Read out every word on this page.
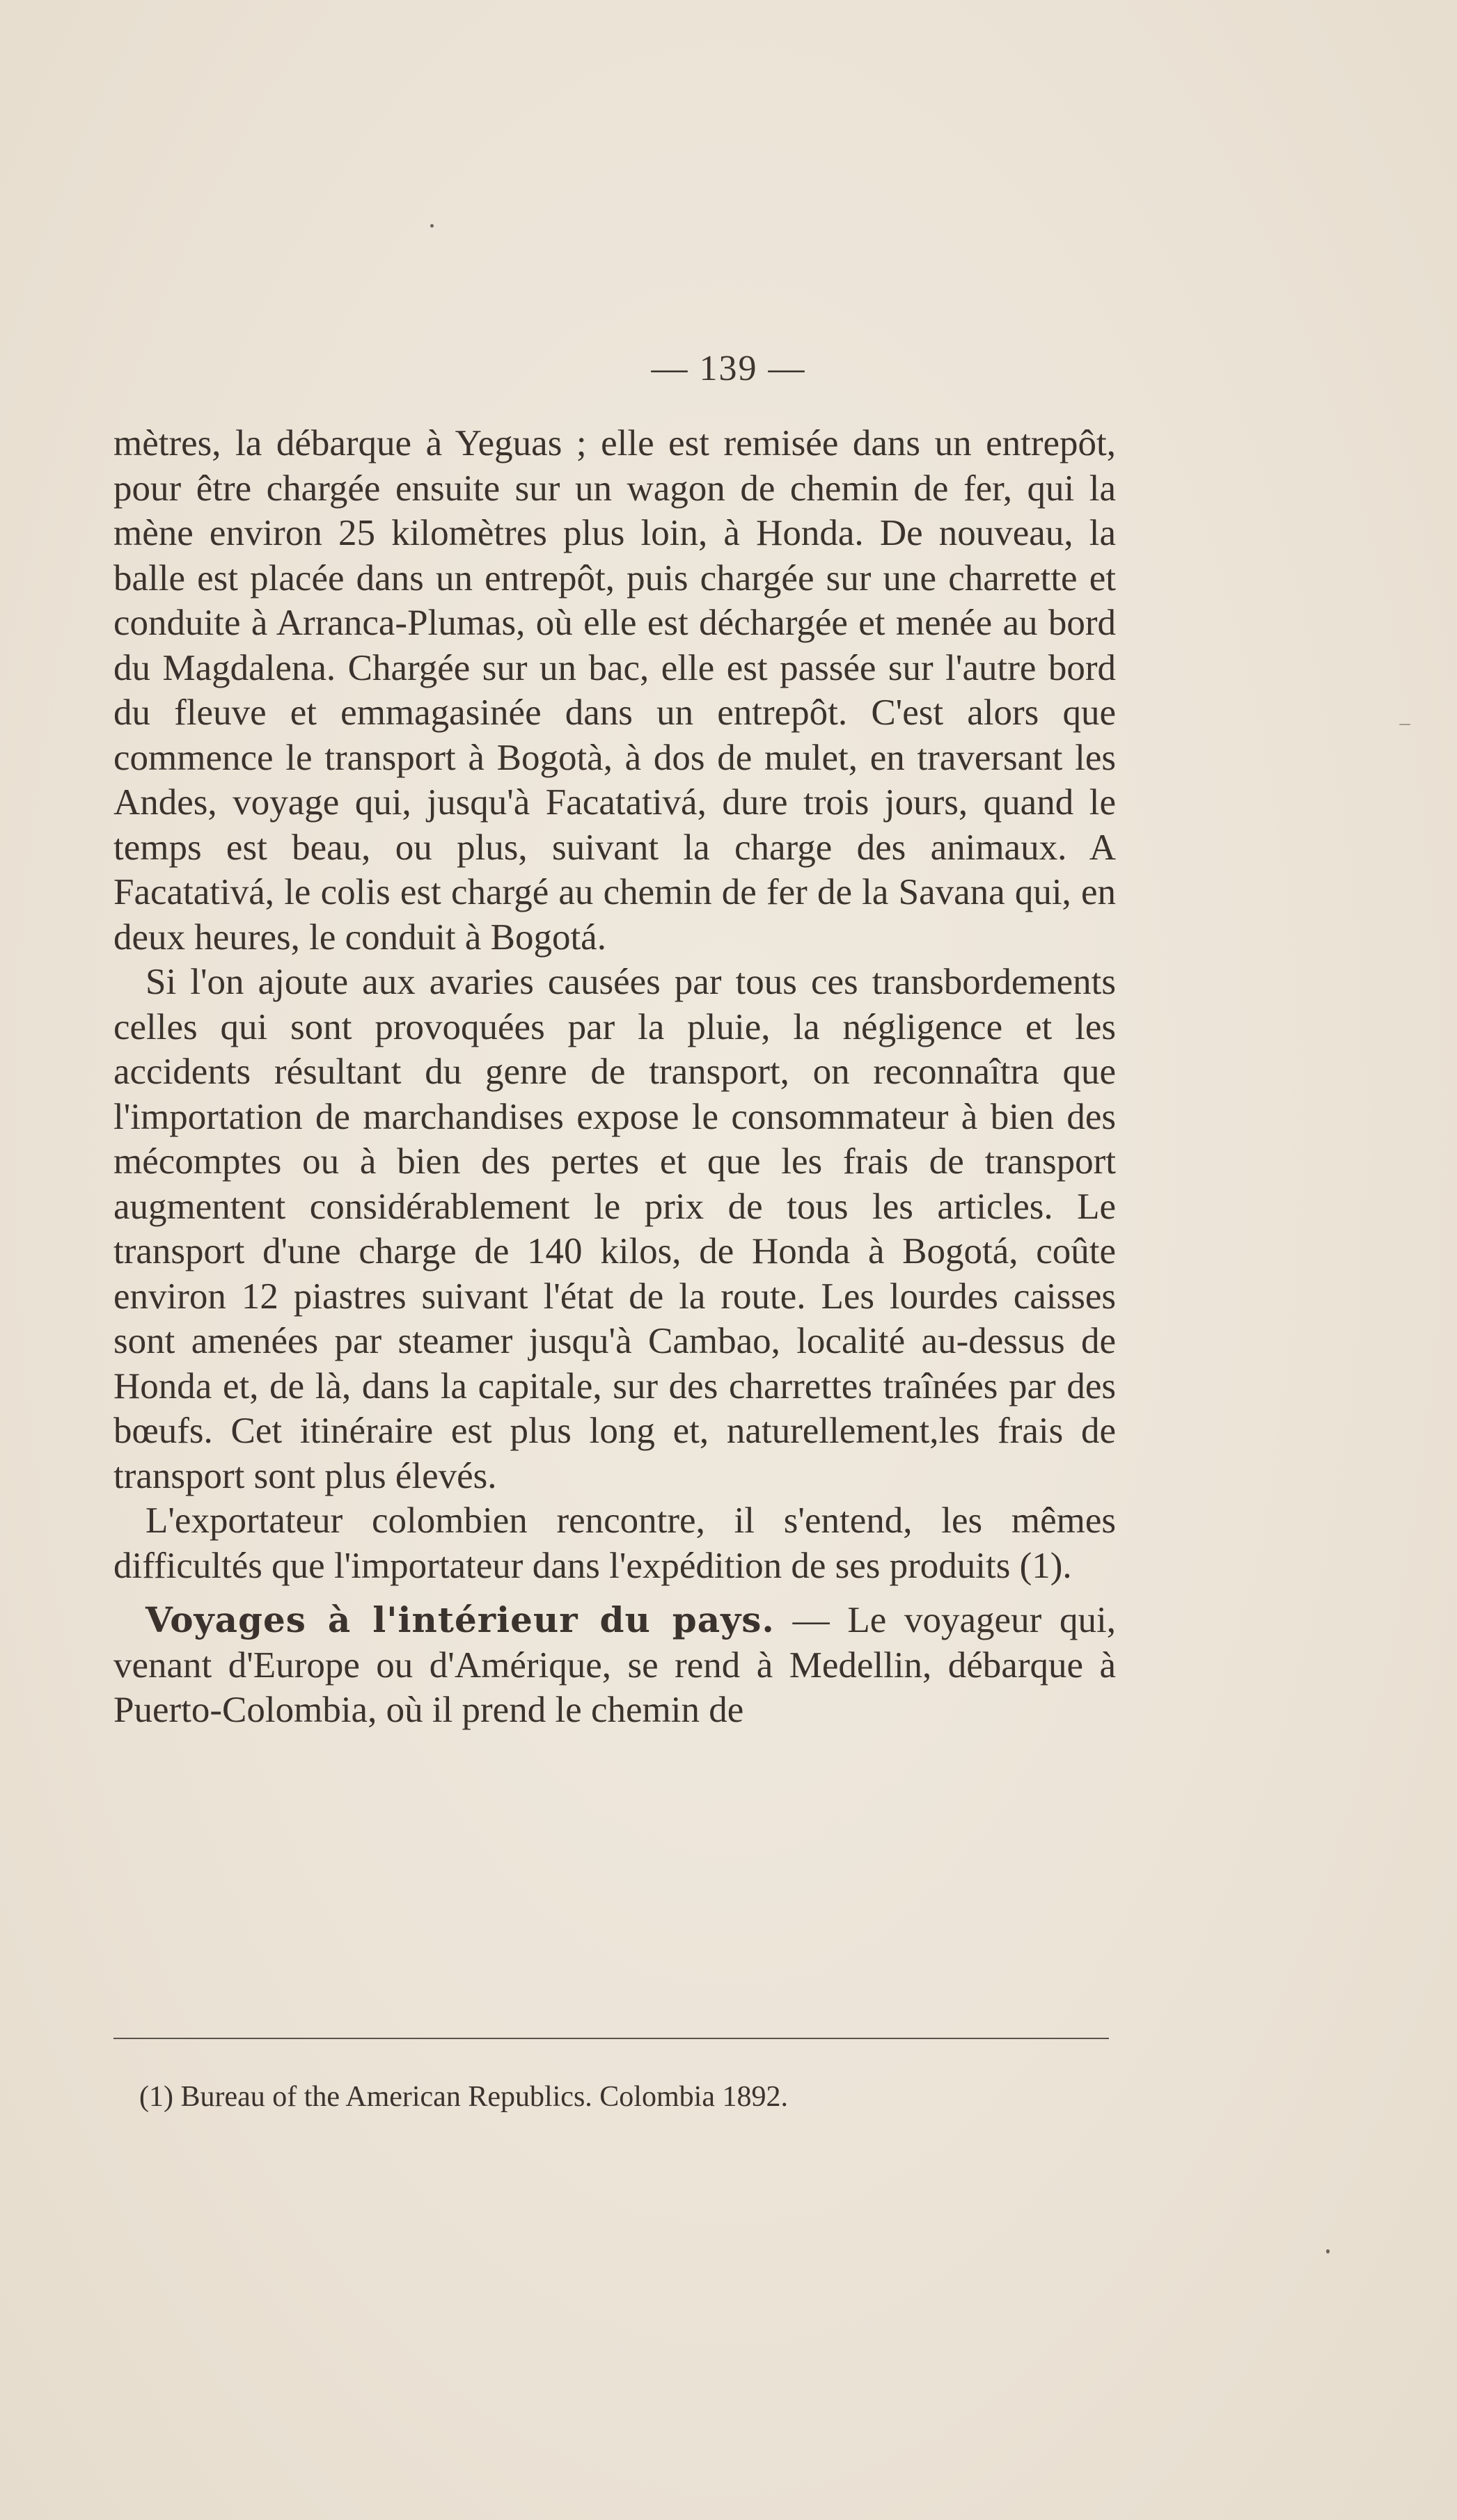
— 139 —

mètres, la débarque à Yeguas ; elle est remisée dans un entrepôt, pour être chargée ensuite sur un wagon de chemin de fer, qui la mène environ 25 kilomètres plus loin, à Honda. De nouveau, la balle est placée dans un entrepôt, puis chargée sur une charrette et conduite à Arranca-Plumas, où elle est déchargée et menée au bord du Magdalena. Chargée sur un bac, elle est passée sur l'autre bord du fleuve et emmagasinée dans un entrepôt. C'est alors que commence le transport à Bogotà, à dos de mulet, en traversant les Andes, voyage qui, jusqu'à Facatativá, dure trois jours, quand le temps est beau, ou plus, suivant la charge des animaux. A Facatativá, le colis est chargé au chemin de fer de la Savana qui, en deux heures, le conduit à Bogotá.

Si l'on ajoute aux avaries causées par tous ces transbordements celles qui sont provoquées par la pluie, la négligence et les accidents résultant du genre de transport, on reconnaîtra que l'importation de marchandises expose le consommateur à bien des mécomptes ou à bien des pertes et que les frais de transport augmentent considérablement le prix de tous les articles. Le transport d'une charge de 140 kilos, de Honda à Bogotá, coûte environ 12 piastres suivant l'état de la route. Les lourdes caisses sont amenées par steamer jusqu'à Cambao, localité au-dessus de Honda et, de là, dans la capitale, sur des charrettes traînées par des bœufs. Cet itinéraire est plus long et, naturellement,les frais de transport sont plus élevés.

L'exportateur colombien rencontre, il s'entend, les mêmes difficultés que l'importateur dans l'expédition de ses produits (1).

Voyages à l'intérieur du pays. — Le voyageur qui, venant d'Europe ou d'Amérique, se rend à Medellin, débarque à Puerto-Colombia, où il prend le chemin de

(1) Bureau of the American Republics. Colombia 1892.
